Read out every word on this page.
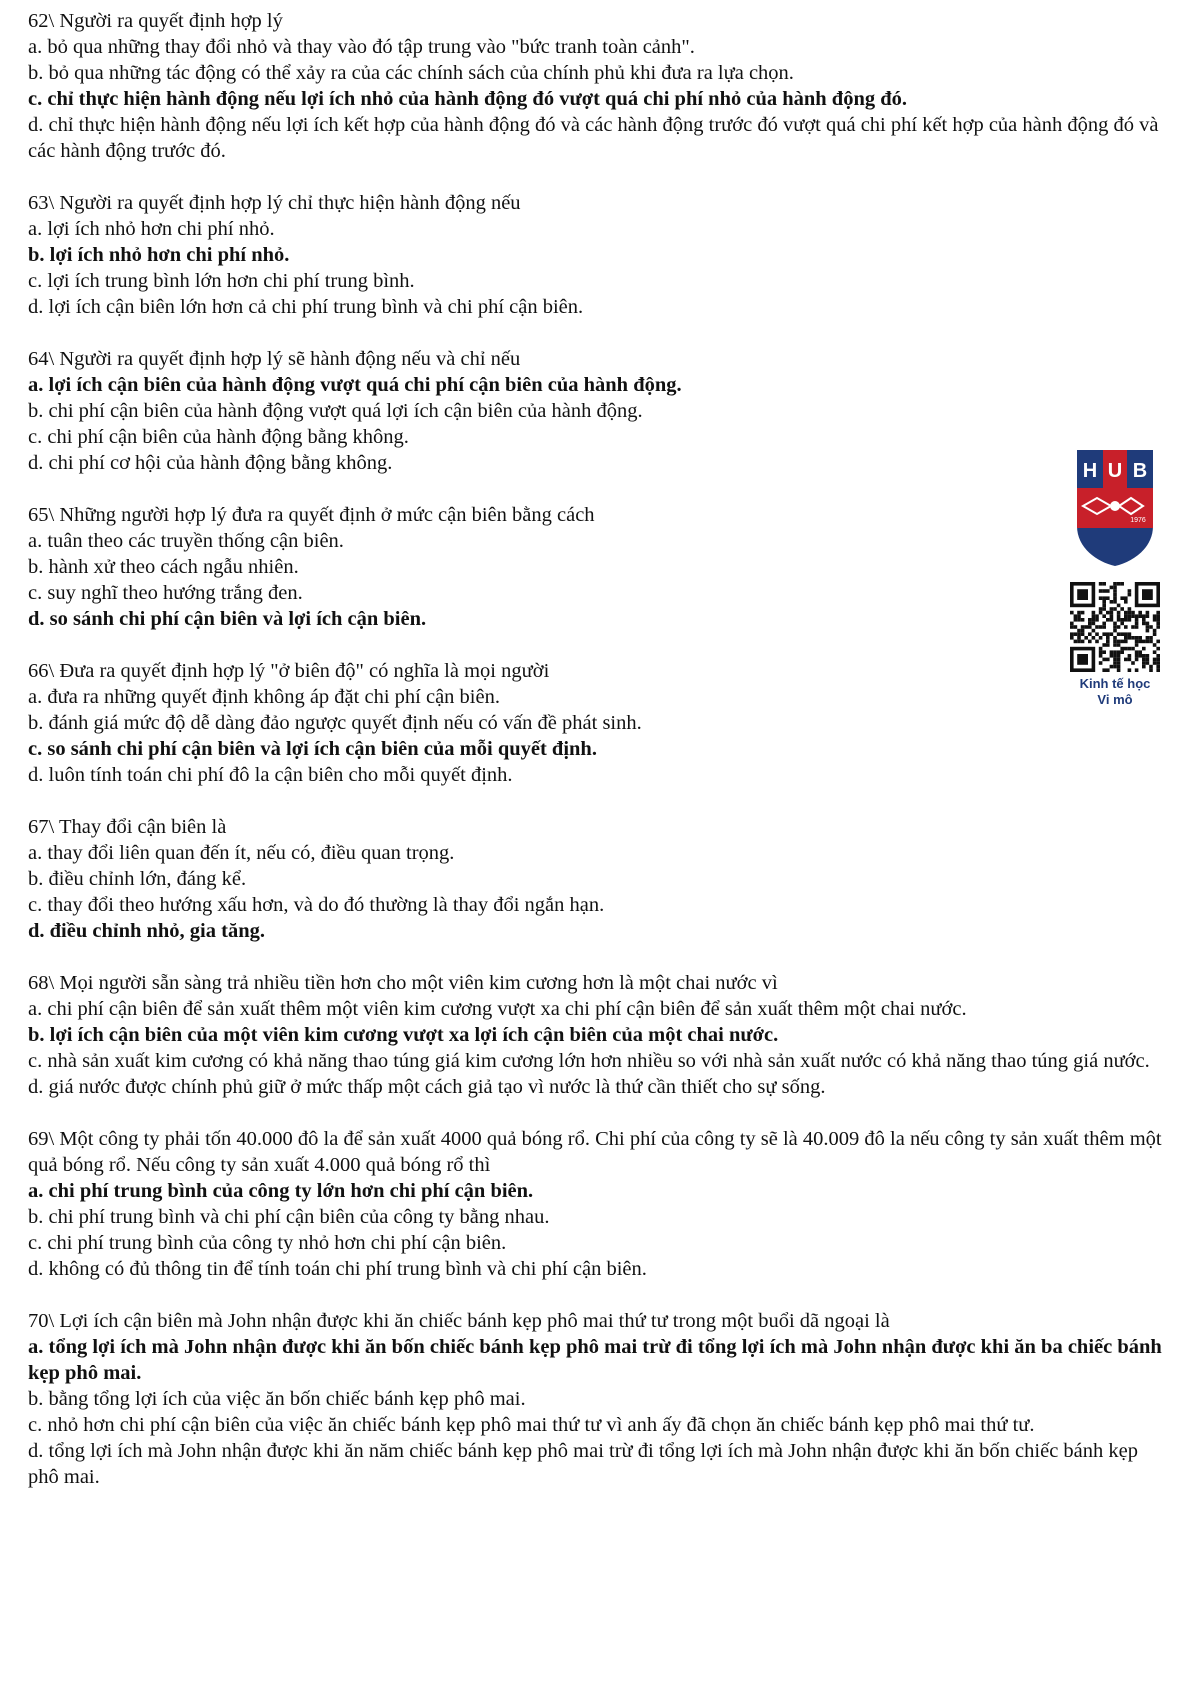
62\ Người ra quyết định hợp lý

a. bỏ qua những thay đổi nhỏ và thay vào đó tập trung vào "bức tranh toàn cảnh".

b. bỏ qua những tác động có thể xảy ra của các chính sách của chính phủ khi đưa ra lựa chọn.

c. chỉ thực hiện hành động nếu lợi ích nhỏ của hành động đó vượt quá chi phí nhỏ của hành động đó.

d. chỉ thực hiện hành động nếu lợi ích kết hợp của hành động đó và các hành động trước đó vượt quá chi phí kết hợp của hành động đó và các hành động trước đó.

63\ Người ra quyết định hợp lý chỉ thực hiện hành động nếu

a. lợi ích nhỏ hơn chi phí nhỏ.

b. lợi ích nhỏ hơn chi phí nhỏ.

c. lợi ích trung bình lớn hơn chi phí trung bình.

d. lợi ích cận biên lớn hơn cả chi phí trung bình và chi phí cận biên.

64\ Người ra quyết định hợp lý sẽ hành động nếu và chỉ nếu

a. lợi ích cận biên của hành động vượt quá chi phí cận biên của hành động.

b. chi phí cận biên của hành động vượt quá lợi ích cận biên của hành động.

c. chi phí cận biên của hành động bằng không.

d. chi phí cơ hội của hành động bằng không.

65\ Những người hợp lý đưa ra quyết định ở mức cận biên bằng cách

a. tuân theo các truyền thống cận biên.

b. hành xử theo cách ngẫu nhiên.

c. suy nghĩ theo hướng trắng đen.

d. so sánh chi phí cận biên và lợi ích cận biên.

66\ Đưa ra quyết định hợp lý "ở biên độ" có nghĩa là mọi người

a. đưa ra những quyết định không áp đặt chi phí cận biên.

b. đánh giá mức độ dễ dàng đảo ngược quyết định nếu có vấn đề phát sinh.

c. so sánh chi phí cận biên và lợi ích cận biên của mỗi quyết định.

d. luôn tính toán chi phí đô la cận biên cho mỗi quyết định.

67\ Thay đổi cận biên là

a. thay đổi liên quan đến ít, nếu có, điều quan trọng.

b. điều chỉnh lớn, đáng kể.

c. thay đổi theo hướng xấu hơn, và do đó thường là thay đổi ngắn hạn.

d. điều chỉnh nhỏ, gia tăng.

68\ Mọi người sẵn sàng trả nhiều tiền hơn cho một viên kim cương hơn là một chai nước vì

a. chi phí cận biên để sản xuất thêm một viên kim cương vượt xa chi phí cận biên để sản xuất thêm một chai nước.

b. lợi ích cận biên của một viên kim cương vượt xa lợi ích cận biên của một chai nước.

c. nhà sản xuất kim cương có khả năng thao túng giá kim cương lớn hơn nhiều so với nhà sản xuất nước có khả năng thao túng giá nước.

d. giá nước được chính phủ giữ ở mức thấp một cách giả tạo vì nước là thứ cần thiết cho sự sống.

69\ Một công ty phải tốn 40.000 đô la để sản xuất 4000 quả bóng rổ. Chi phí của công ty sẽ là 40.009 đô la nếu công ty sản xuất thêm một quả bóng rổ. Nếu công ty sản xuất 4.000 quả bóng rổ thì

a. chi phí trung bình của công ty lớn hơn chi phí cận biên.

b. chi phí trung bình và chi phí cận biên của công ty bằng nhau.

c. chi phí trung bình của công ty nhỏ hơn chi phí cận biên.

d. không có đủ thông tin để tính toán chi phí trung bình và chi phí cận biên.

70\ Lợi ích cận biên mà John nhận được khi ăn chiếc bánh kẹp phô mai thứ tư trong một buổi dã ngoại là

a. tổng lợi ích mà John nhận được khi ăn bốn chiếc bánh kẹp phô mai trừ đi tổng lợi ích mà John nhận được khi ăn ba chiếc bánh kẹp phô mai.

b. bằng tổng lợi ích của việc ăn bốn chiếc bánh kẹp phô mai.

c. nhỏ hơn chi phí cận biên của việc ăn chiếc bánh kẹp phô mai thứ tư vì anh ấy đã chọn ăn chiếc bánh kẹp phô mai thứ tư.

d. tổng lợi ích mà John nhận được khi ăn năm chiếc bánh kẹp phô mai trừ đi tổng lợi ích mà John nhận được khi ăn bốn chiếc bánh kẹp phô mai.

H U B
1976
Kinh tế học
Vi mô
